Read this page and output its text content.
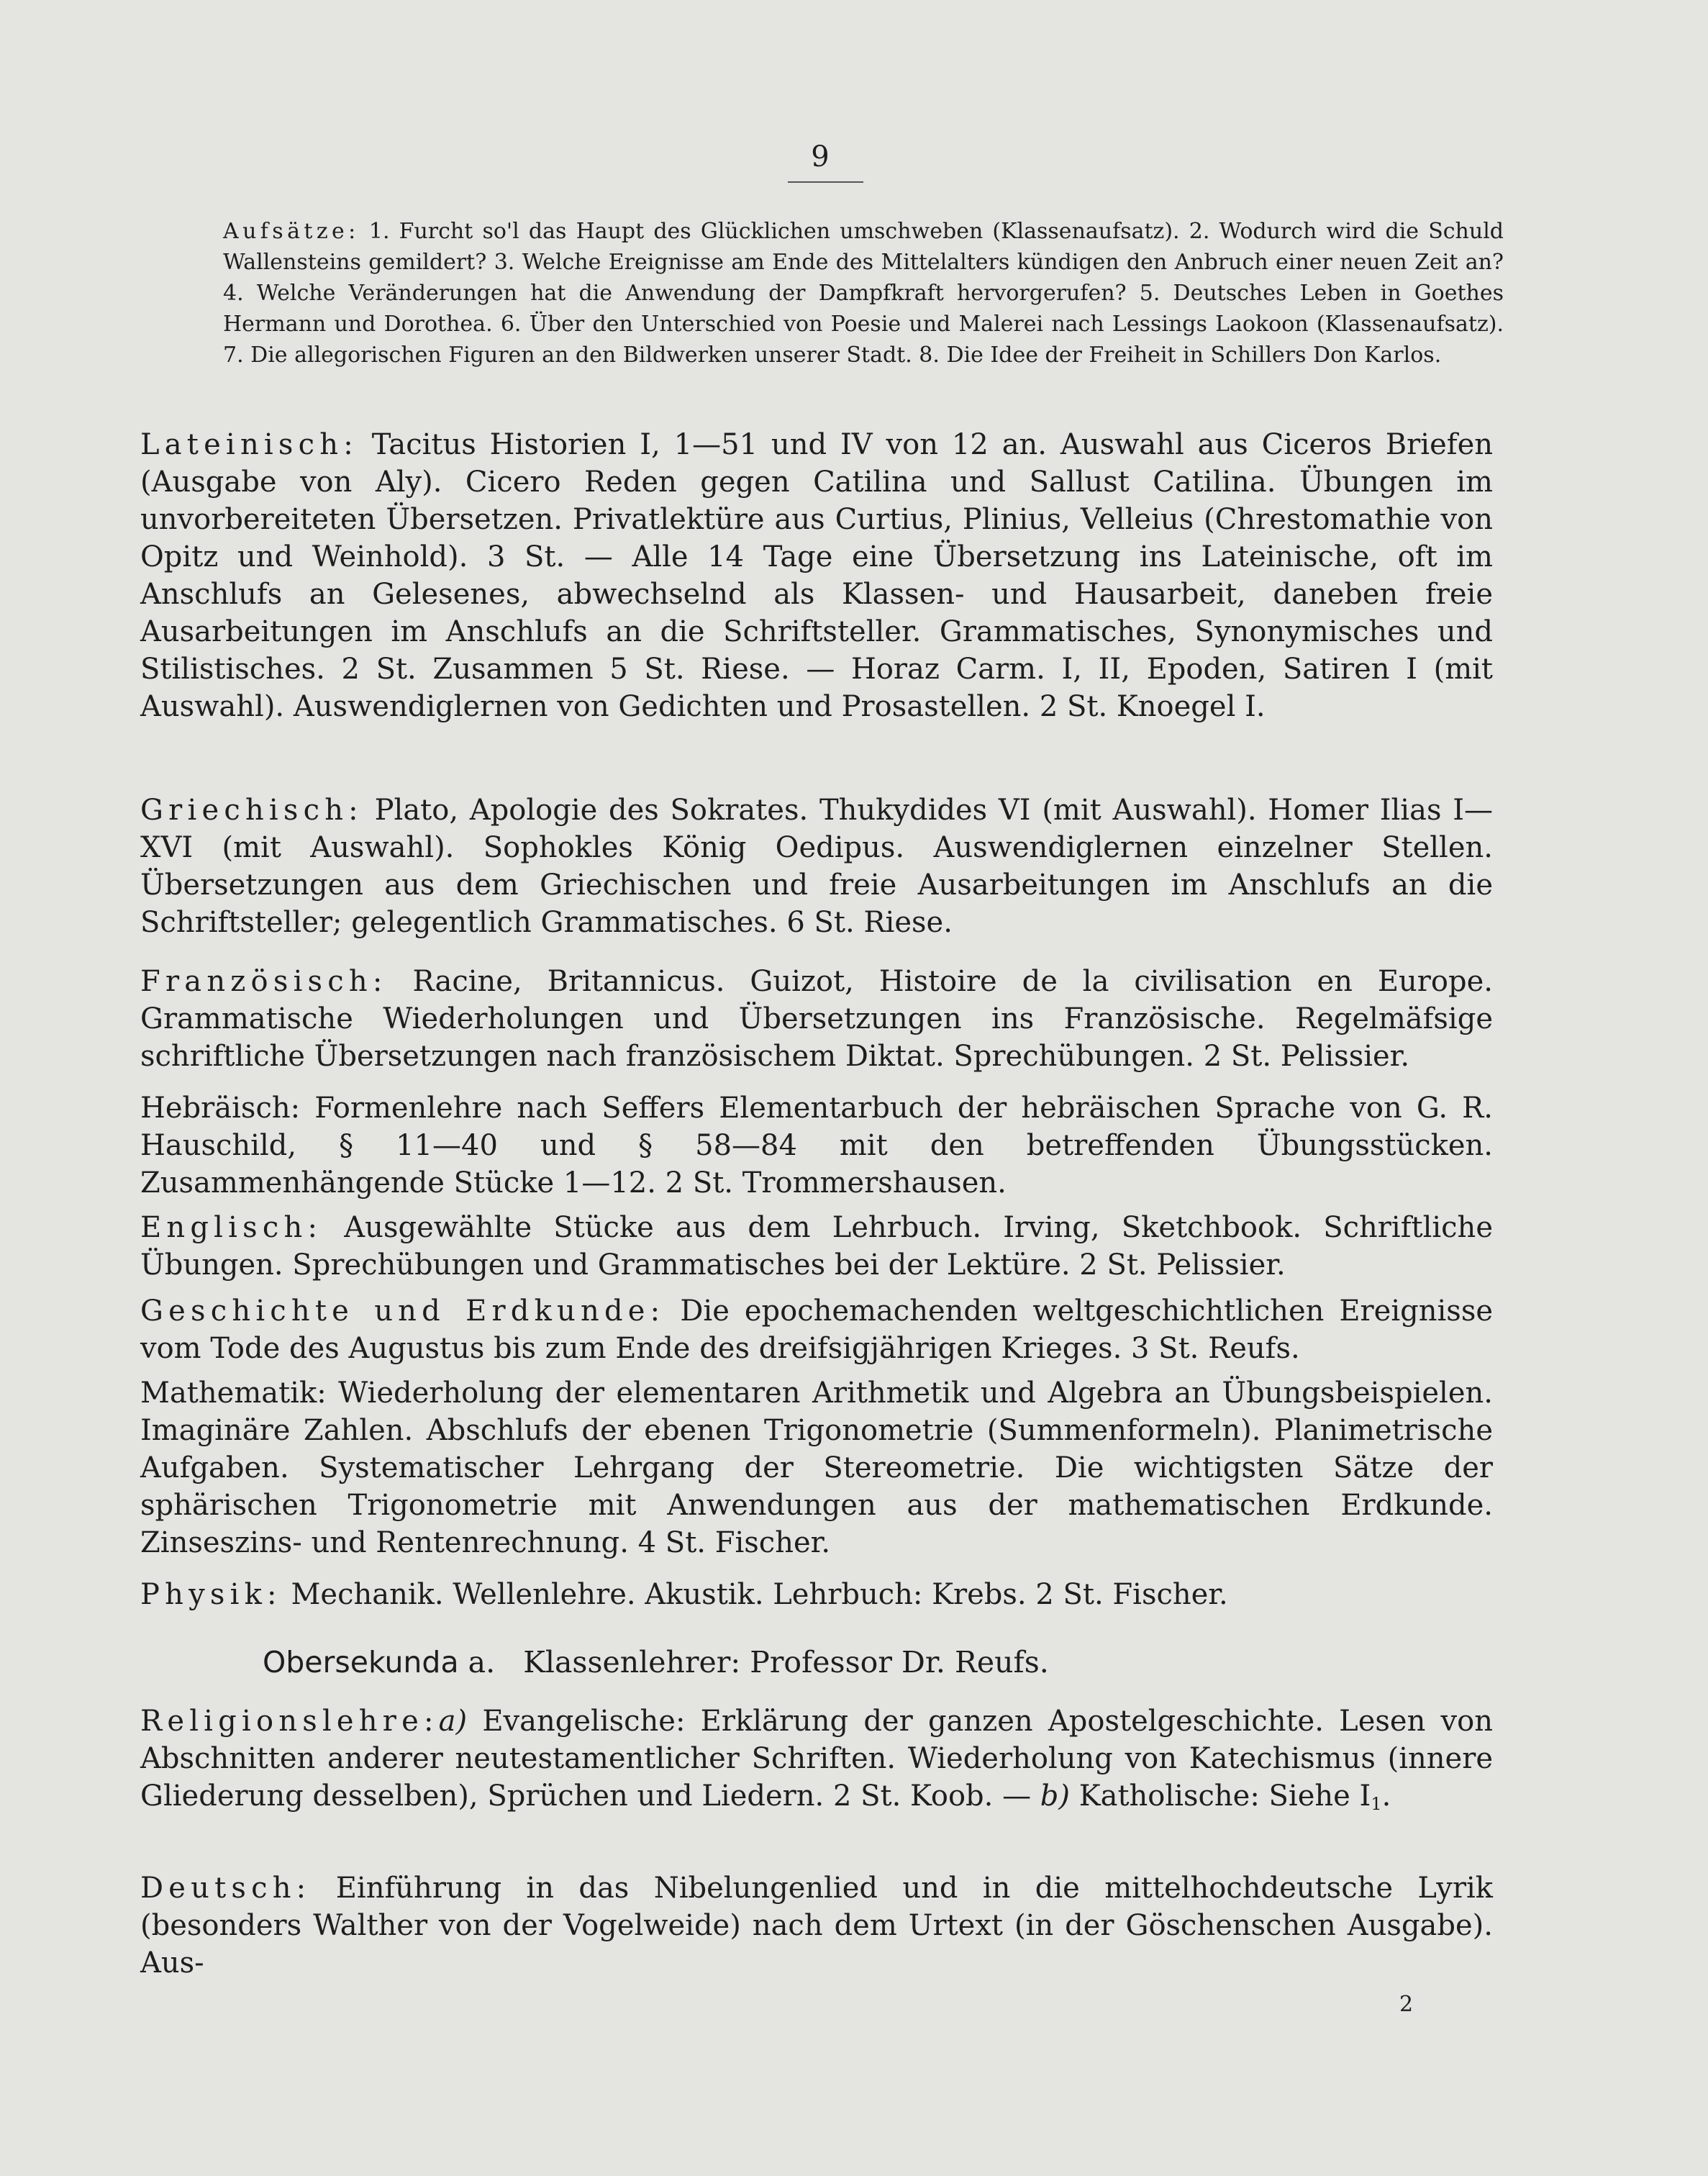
9
Aufsätze: 1. Furcht so'l das Haupt des Glücklichen umschweben (Klassenaufsatz). 2. Wodurch wird die Schuld Wallensteins gemildert? 3. Welche Ereignisse am Ende des Mittelalters kündigen den Anbruch einer neuen Zeit an? 4. Welche Veränderungen hat die Anwendung der Dampfkraft hervorgerufen? 5. Deutsches Leben in Goethes Hermann und Dorothea. 6. Über den Unterschied von Poesie und Malerei nach Lessings Laokoon (Klassenaufsatz). 7. Die allegorischen Figuren an den Bildwerken unserer Stadt. 8. Die Idee der Freiheit in Schillers Don Karlos.
Lateinisch: Tacitus Historien I, 1—51 und IV von 12 an. Auswahl aus Ciceros Briefen (Ausgabe von Aly). Cicero Reden gegen Catilina und Sallust Catilina. Übungen im unvorbereiteten Übersetzen. Privatlektüre aus Curtius, Plinius, Velleius (Chrestomathie von Opitz und Weinhold). 3 St. — Alle 14 Tage eine Übersetzung ins Lateinische, oft im Anschlufs an Gelesenes, abwechselnd als Klassen- und Hausarbeit, daneben freie Ausarbeitungen im Anschlufs an die Schriftsteller. Grammatisches, Synonymisches und Stilistisches. 2 St. Zusammen 5 St. Riese. — Horaz Carm. I, II, Epoden, Satiren I (mit Auswahl). Auswendiglernen von Gedichten und Prosastellen. 2 St. Knoegel I.
Griechisch: Plato, Apologie des Sokrates. Thukydides VI (mit Auswahl). Homer Ilias I—XVI (mit Auswahl). Sophokles König Oedipus. Auswendiglernen einzelner Stellen. Übersetzungen aus dem Griechischen und freie Ausarbeitungen im Anschlufs an die Schriftsteller; gelegentlich Grammatisches. 6 St. Riese.
Französisch: Racine, Britannicus. Guizot, Histoire de la civilisation en Europe. Grammatische Wiederholungen und Übersetzungen ins Französische. Regelmäfsige schriftliche Übersetzungen nach französischem Diktat. Sprechübungen. 2 St. Pelissier.
Hebräisch: Formenlehre nach Seffers Elementarbuch der hebräischen Sprache von G. R. Hauschild, § 11—40 und § 58—84 mit den betreffenden Übungsstücken. Zusammenhängende Stücke 1—12. 2 St. Trommershausen.
Englisch: Ausgewählte Stücke aus dem Lehrbuch. Irving, Sketchbook. Schriftliche Übungen. Sprechübungen und Grammatisches bei der Lektüre. 2 St. Pelissier.
Geschichte und Erdkunde: Die epochemachenden weltgeschichtlichen Ereignisse vom Tode des Augustus bis zum Ende des dreifsigjährigen Krieges. 3 St. Reufs.
Mathematik: Wiederholung der elementaren Arithmetik und Algebra an Übungsbeispielen. Imaginäre Zahlen. Abschlufs der ebenen Trigonometrie (Summenformeln). Planimetrische Aufgaben. Systematischer Lehrgang der Stereometrie. Die wichtigsten Sätze der sphärischen Trigonometrie mit Anwendungen aus der mathematischen Erdkunde. Zinseszins- und Rentenrechnung. 4 St. Fischer.
Physik: Mechanik. Wellenlehre. Akustik. Lehrbuch: Krebs. 2 St. Fischer.
Obersekunda a. Klassenlehrer: Professor Dr. Reufs.
Religionslehre:a) Evangelische: Erklärung der ganzen Apostelgeschichte. Lesen von Abschnitten anderer neutestamentlicher Schriften. Wiederholung von Katechismus (innere Gliederung desselben), Sprüchen und Liedern. 2 St. Koob. — b) Katholische: Siehe $I_1$.
Deutsch: Einführung in das Nibelungenlied und in die mittelhochdeutsche Lyrik (besonders Walther von der Vogelweide) nach dem Urtext (in der Göschenschen Ausgabe). Aus-
2
